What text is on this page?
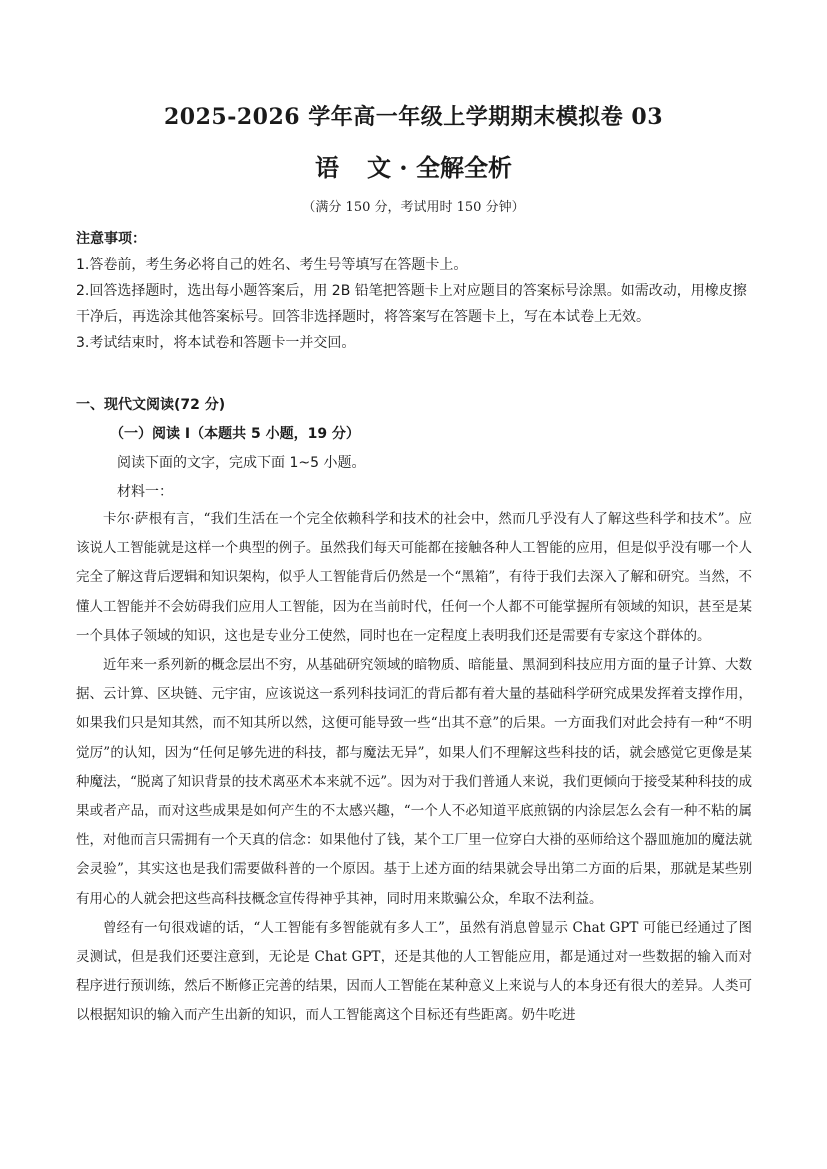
2025-2026 学年高一年级上学期期末模拟卷 03
语 文 · 全解全析
（满分 150 分，考试用时 150 分钟）

注意事项：

1.答卷前，考生务必将自己的姓名、考生号等填写在答题卡上。

2.回答选择题时，选出每小题答案后，用 2B 铅笔把答题卡上对应题目的答案标号涂黑。如需改动，用橡皮擦干净后，再选涂其他答案标号。回答非选择题时，将答案写在答题卡上，写在本试卷上无效。

3.考试结束时，将本试卷和答题卡一并交回。

一、现代文阅读(72 分)
（一）阅读 I（本题共 5 小题，19 分）
阅读下面的文字，完成下面 1~5 小题。
材料一：

卡尔·萨根有言，“我们生活在一个完全依赖科学和技术的社会中，然而几乎没有人了解这些科学和技术”。应该说人工智能就是这样一个典型的例子。虽然我们每天可能都在接触各种人工智能的应用，但是似乎没有哪一个人完全了解这背后逻辑和知识架构，似乎人工智能背后仍然是一个“黑箱”，有待于我们去深入了解和研究。当然，不懂人工智能并不会妨碍我们应用人工智能，因为在当前时代，任何一个人都不可能掌握所有领域的知识，甚至是某一个具体子领域的知识，这也是专业分工使然，同时也在一定程度上表明我们还是需要有专家这个群体的。

近年来一系列新的概念层出不穷，从基础研究领域的暗物质、暗能量、黑洞到科技应用方面的量子计算、大数据、云计算、区块链、元宇宙，应该说这一系列科技词汇的背后都有着大量的基础科学研究成果发挥着支撑作用，如果我们只是知其然，而不知其所以然，这便可能导致一些“出其不意”的后果。一方面我们对此会持有一种“不明觉厉”的认知，因为“任何足够先进的科技，都与魔法无异”，如果人们不理解这些科技的话，就会感觉它更像是某种魔法，“脱离了知识背景的技术离巫术本来就不远”。因为对于我们普通人来说，我们更倾向于接受某种科技的成果或者产品，而对这些成果是如何产生的不太感兴趣，“一个人不必知道平底煎锅的内涂层怎么会有一种不粘的属性，对他而言只需拥有一个天真的信念：如果他付了钱，某个工厂里一位穿白大褂的巫师给这个器皿施加的魔法就会灵验”，其实这也是我们需要做科普的一个原因。基于上述方面的结果就会导出第二方面的后果，那就是某些别有用心的人就会把这些高科技概念宣传得神乎其神，同时用来欺骗公众，牟取不法利益。

曾经有一句很戏谑的话，“人工智能有多智能就有多人工”，虽然有消息曾显示 Chat GPT 可能已经通过了图灵测试，但是我们还要注意到，无论是 Chat GPT，还是其他的人工智能应用，都是通过对一些数据的输入而对程序进行预训练，然后不断修正完善的结果，因而人工智能在某种意义上来说与人的本身还有很大的差异。人类可以根据知识的输入而产生出新的知识，而人工智能离这个目标还有些距离。奶牛吃进
